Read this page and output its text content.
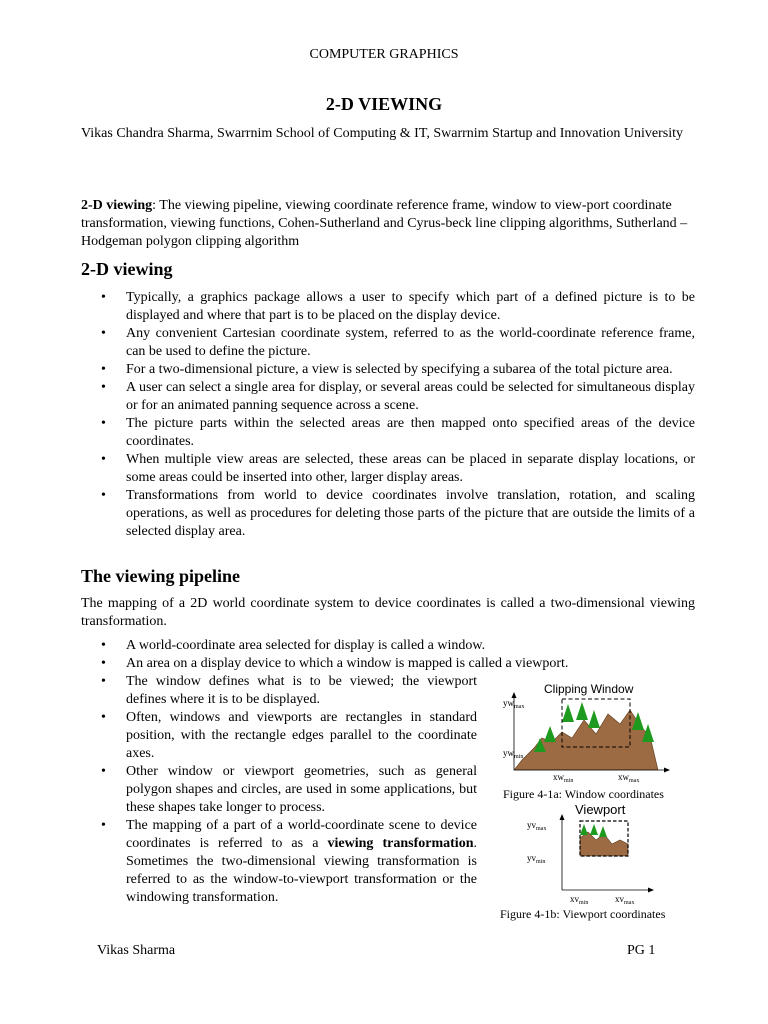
COMPUTER GRAPHICS
2-D VIEWING
Vikas Chandra Sharma, Swarrnim School of Computing & IT, Swarrnim Startup and Innovation University
2-D viewing: The viewing pipeline, viewing coordinate reference frame, window to view-port coordinate transformation, viewing functions, Cohen-Sutherland and Cyrus-beck line clipping algorithms, Sutherland –Hodgeman polygon clipping algorithm
2-D viewing
• Typically, a graphics package allows a user to specify which part of a defined picture is to be displayed and where that part is to be placed on the display device.
• Any convenient Cartesian coordinate system, referred to as the world-coordinate reference frame, can be used to define the picture.
• For a two-dimensional picture, a view is selected by specifying a subarea of the total picture area.
• A user can select a single area for display, or several areas could be selected for simultaneous display or for an animated panning sequence across a scene.
• The picture parts within the selected areas are then mapped onto specified areas of the device coordinates.
• When multiple view areas are selected, these areas can be placed in separate display locations, or some areas could be inserted into other, larger display areas.
• Transformations from world to device coordinates involve translation, rotation, and scaling operations, as well as procedures for deleting those parts of the picture that are outside the limits of a selected display area.
The viewing pipeline
The mapping of a 2D world coordinate system to device coordinates is called a two-dimensional viewing transformation.
• A world-coordinate area selected for display is called a window.
• An area on a display device to which a window is mapped is called a viewport.
• The window defines what is to be viewed; the viewport defines where it is to be displayed.
• Often, windows and viewports are rectangles in standard position, with the rectangle edges parallel to the coordinate axes.
• Other window or viewport geometries, such as general polygon shapes and circles, are used in some applications, but these shapes take longer to process.
• The mapping of a part of a world-coordinate scene to device coordinates is referred to as a viewing transformation. Sometimes the two-dimensional viewing transformation is referred to as the window-to-viewport transformation or the windowing transformation.
Clipping Window
$yw_{max}$
$yw_{min}$
$xw_{min}$	$xw_{max}$
Figure 4-1a: Window coordinates
Viewport
$yv_{max}$
$yv_{min}$
$xv_{min}$	$xv_{max}$
Figure 4-1b: Viewport coordinates
Vikas Sharma	PG 1
